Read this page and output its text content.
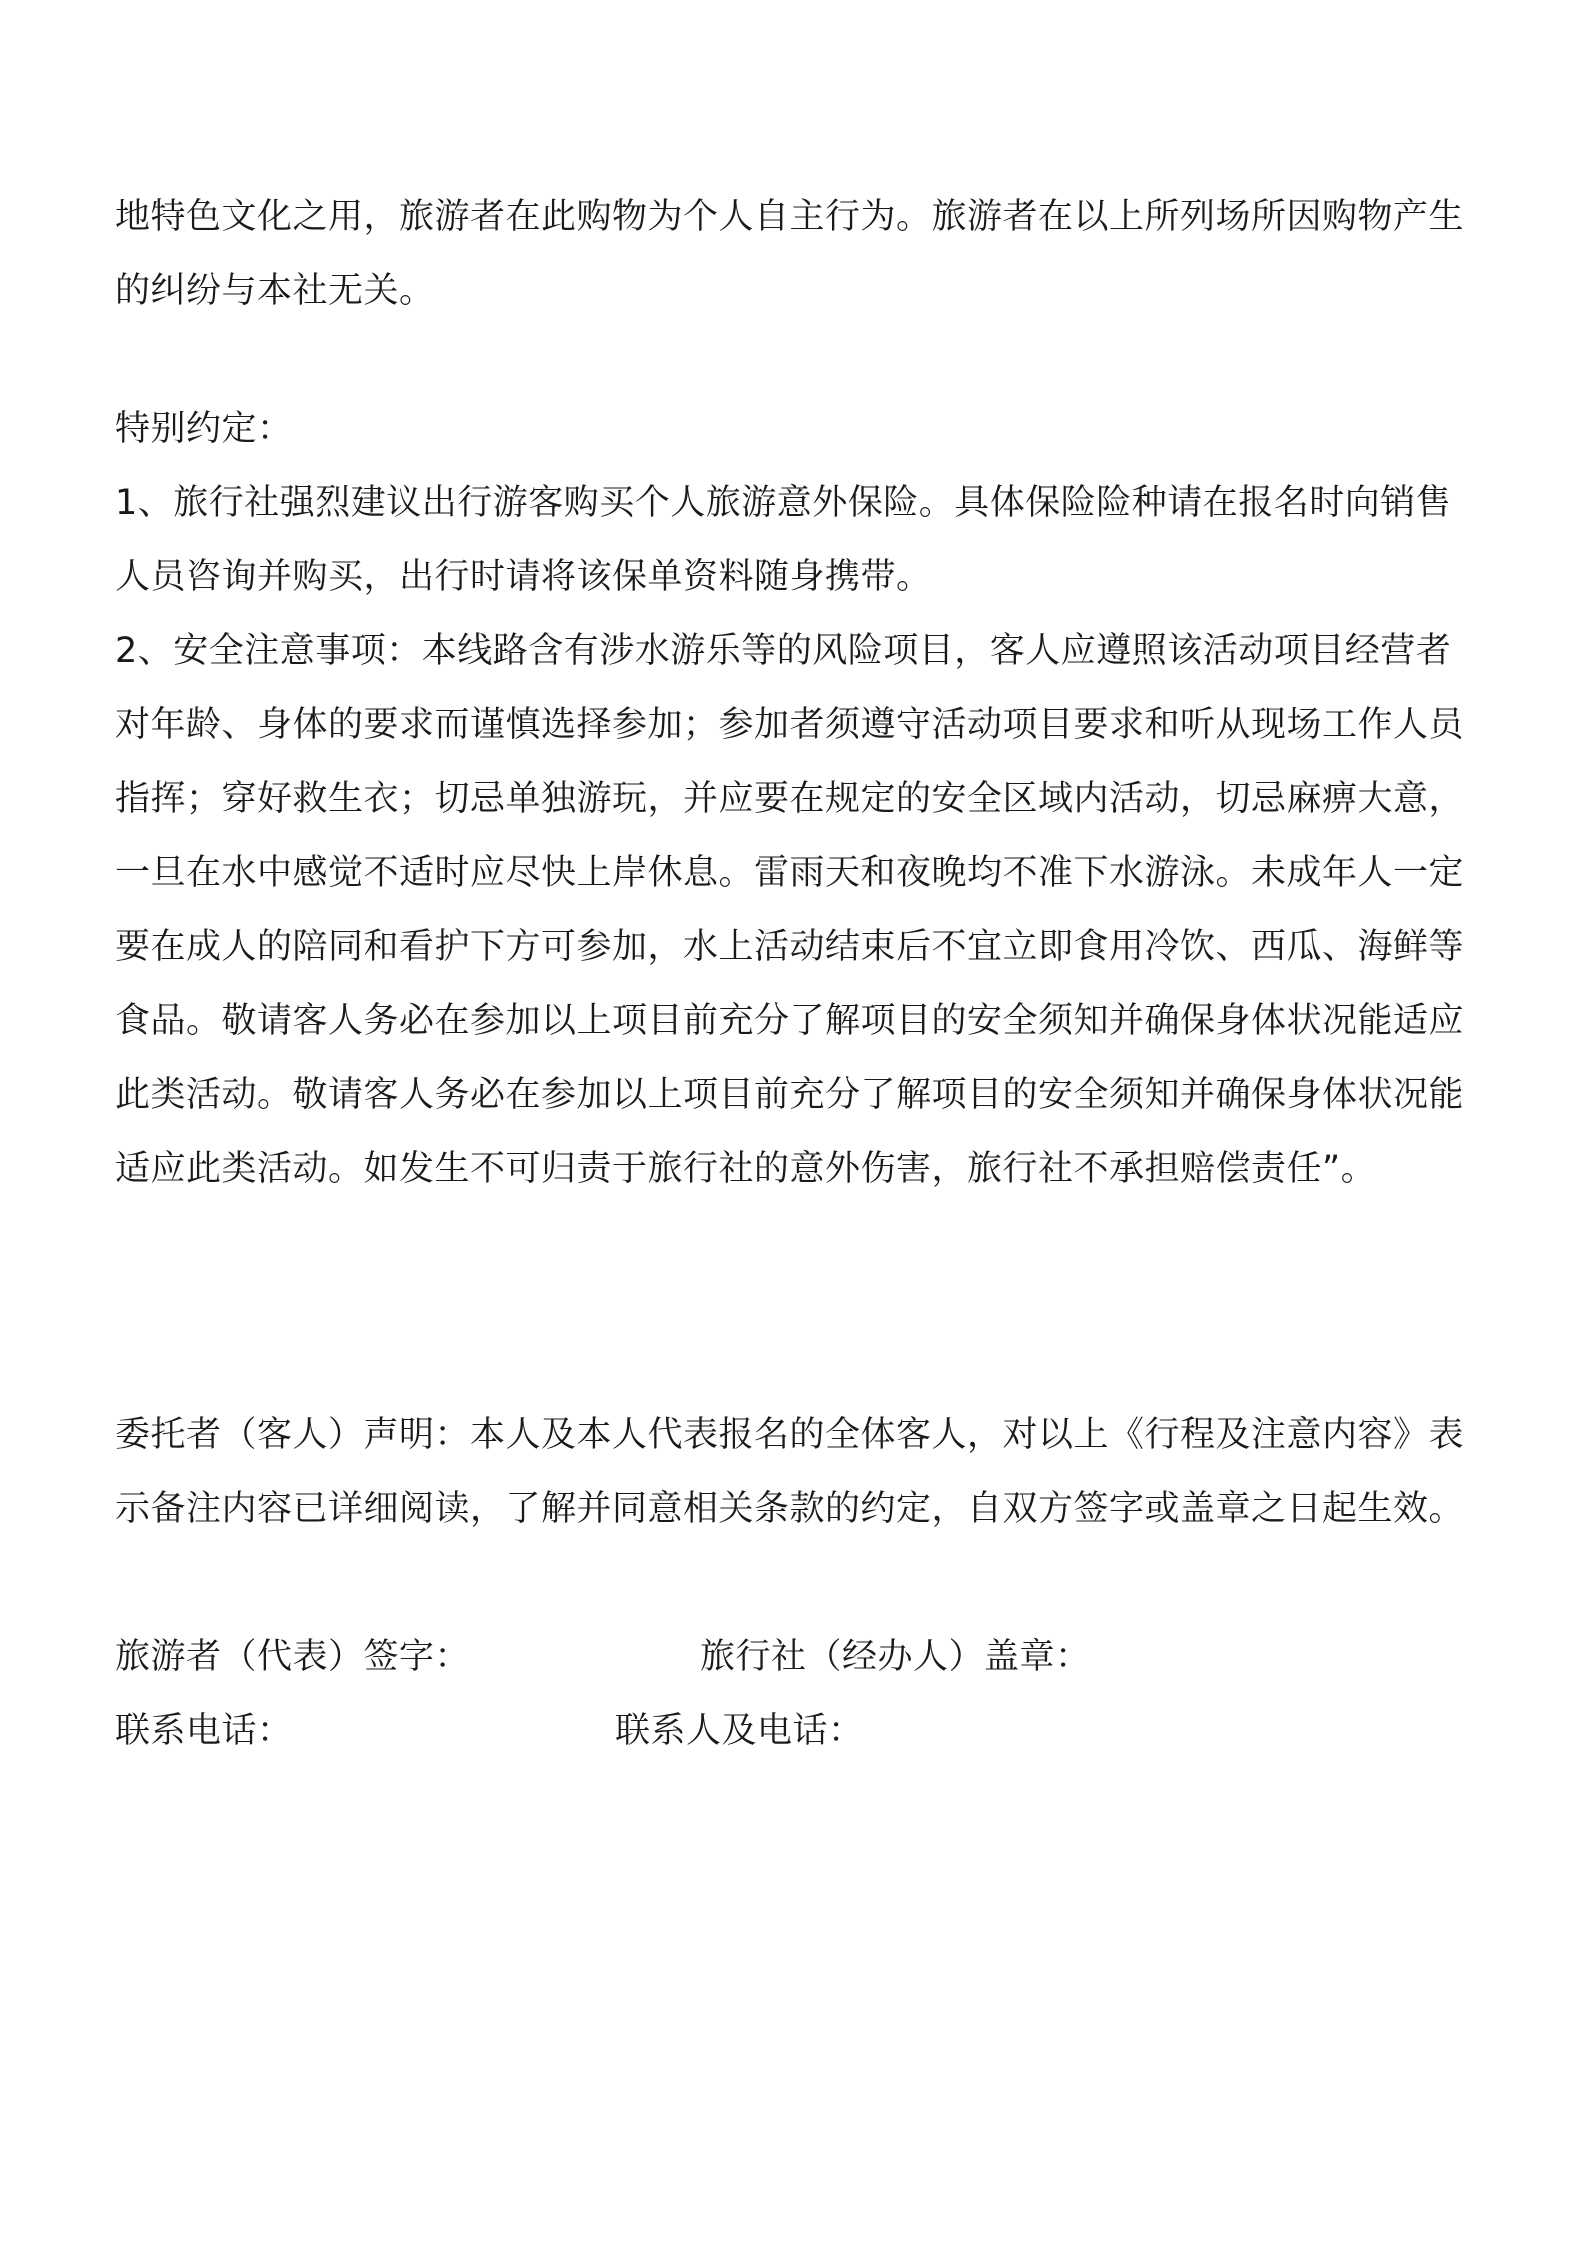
地特色文化之用，旅游者在此购物为个人自主行为。旅游者在以上所列场所因购物产生的纠纷与本社无关。

特别约定：

1、旅行社强烈建议出行游客购买个人旅游意外保险。具体保险险种请在报名时向销售人员咨询并购买，出行时请将该保单资料随身携带。

2、安全注意事项：本线路含有涉水游乐等的风险项目，客人应遵照该活动项目经营者对年龄、身体的要求而谨慎选择参加；参加者须遵守活动项目要求和听从现场工作人员指挥；穿好救生衣；切忌单独游玩，并应要在规定的安全区域内活动，切忌麻痹大意，一旦在水中感觉不适时应尽快上岸休息。雷雨天和夜晚均不准下水游泳。未成年人一定要在成人的陪同和看护下方可参加，水上活动结束后不宜立即食用冷饮、西瓜、海鲜等食品。敬请客人务必在参加以上项目前充分了解项目的安全须知并确保身体状况能适应此类活动。敬请客人务必在参加以上项目前充分了解项目的安全须知并确保身体状况能适应此类活动。如发生不可归责于旅行社的意外伤害，旅行社不承担赔偿责任”。

委托者（客人）声明：本人及本人代表报名的全体客人，对以上《行程及注意内容》表示备注内容已详细阅读，了解并同意相关条款的约定，自双方签字或盖章之日起生效。

旅游者（代表）签字：	旅行社（经办人）盖章：
联系电话：	联系人及电话：
